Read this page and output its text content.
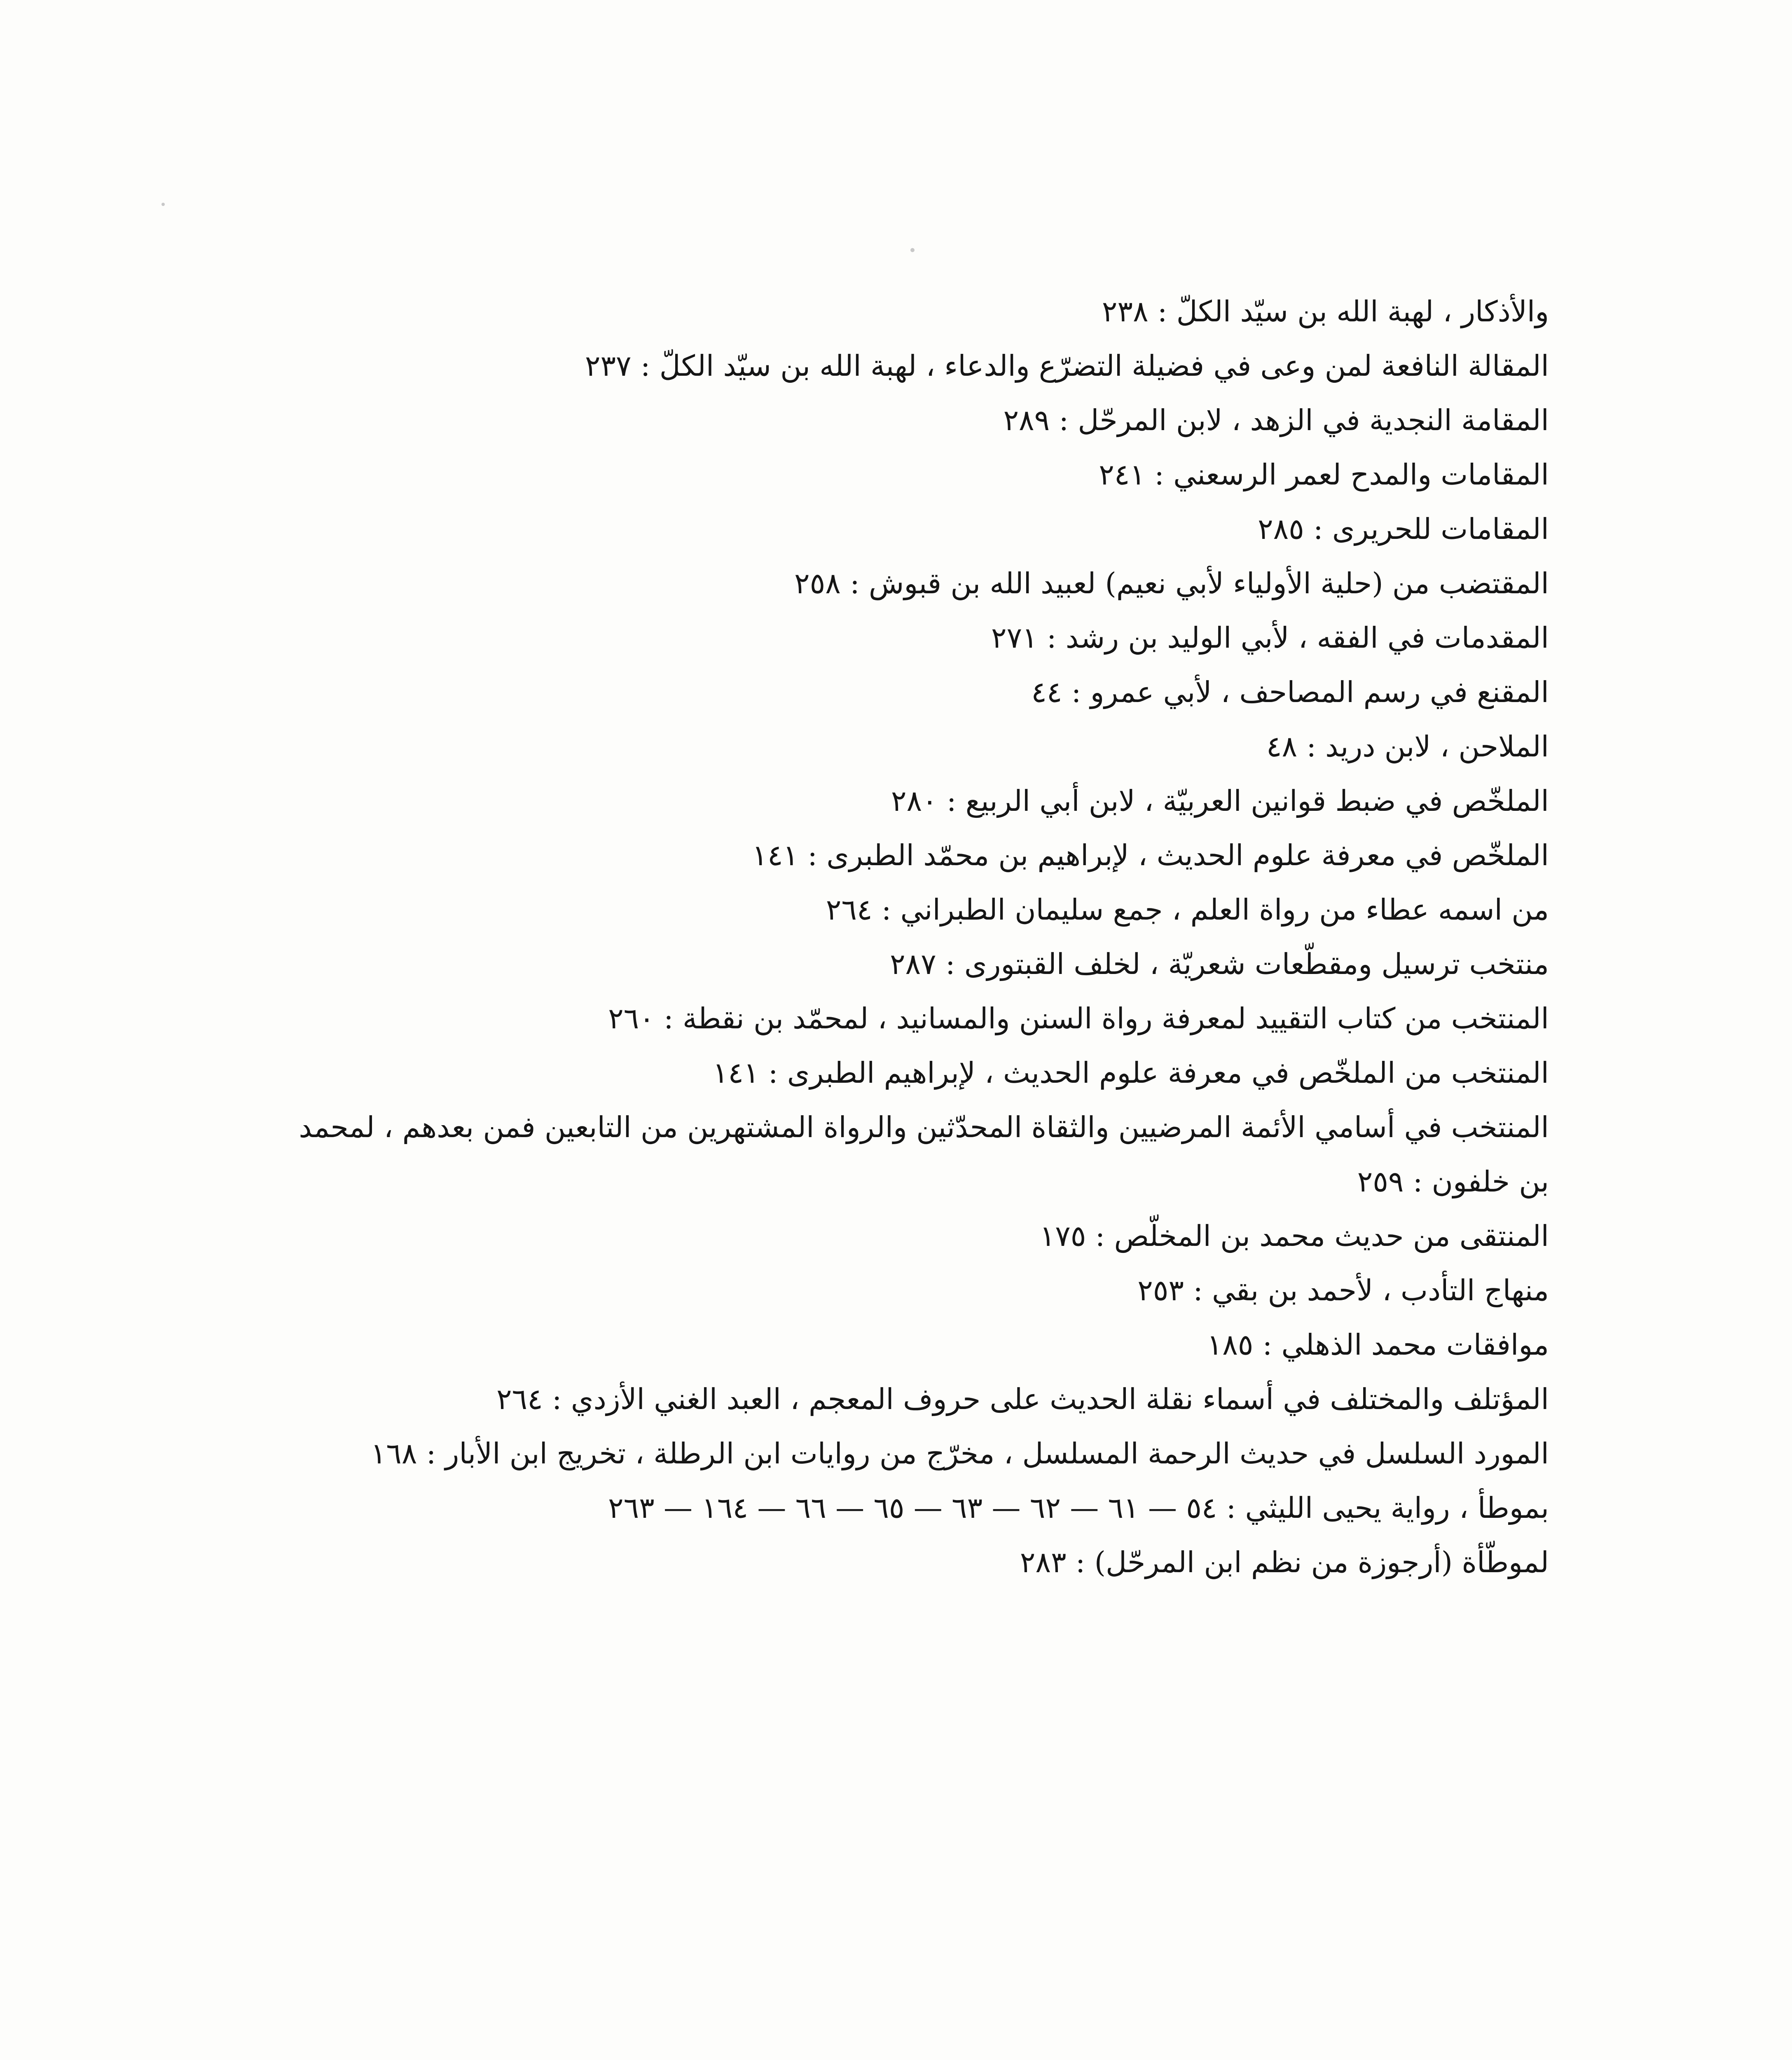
والأذكار ، لهبة الله بن سيّد الكلّ : ٢٣٨

المقالة النافعة لمن وعى في فضيلة التضرّع والدعاء ، لهبة الله بن سيّد الكلّ : ٢٣٧

المقامة النجدية في الزهد ، لابن المرحّل : ٢٨٩

المقامات والمدح لعمر الرسعني : ٢٤١

المقامات للحريرى : ٢٨٥

المقتضب من (حلية الأولياء لأبي نعيم) لعبيد الله بن قبوش : ٢٥٨

المقدمات في الفقه ، لأبي الوليد بن رشد : ٢٧١

المقنع في رسم المصاحف ، لأبي عمرو : ٤٤

الملاحن ، لابن دريد : ٤٨

الملخّص في ضبط قوانين العربيّة ، لابن أبي الربيع : ٢٨٠

الملخّص في معرفة علوم الحديث ، لإبراهيم بن محمّد الطبرى : ١٤١

من اسمه عطاء من رواة العلم ، جمع سليمان الطبراني : ٢٦٤

منتخب ترسيل ومقطّعات شعريّة ، لخلف القبتورى : ٢٨٧

المنتخب من كتاب التقييد لمعرفة رواة السنن والمسانيد ، لمحمّد بن نقطة : ٢٦٠

المنتخب من الملخّص في معرفة علوم الحديث ، لإبراهيم الطبرى : ١٤١

المنتخب في أسامي الأئمة المرضيين والثقاة المحدّثين والرواة المشتهرين من التابعين فمن بعدهم ، لمحمد بن خلفون : ٢٥٩

المنتقى من حديث محمد بن المخلّص : ١٧٥

منهاج التأدب ، لأحمد بن بقي : ٢٥٣

موافقات محمد الذهلي : ١٨٥

المؤتلف والمختلف في أسماء نقلة الحديث على حروف المعجم ، العبد الغني الأزدي : ٢٦٤

المورد السلسل في حديث الرحمة المسلسل ، مخرّج من روايات ابن الرطلة ، تخريج ابن الأبار : ١٦٨

بموطأ ، رواية يحيى الليثي : ٥٤ — ٦١ — ٦٢ — ٦٣ — ٦٥ — ٦٦ — ١٦٤ — ٢٦٣

لموطّأة (أرجوزة من نظم ابن المرحّل) : ٢٨٣
